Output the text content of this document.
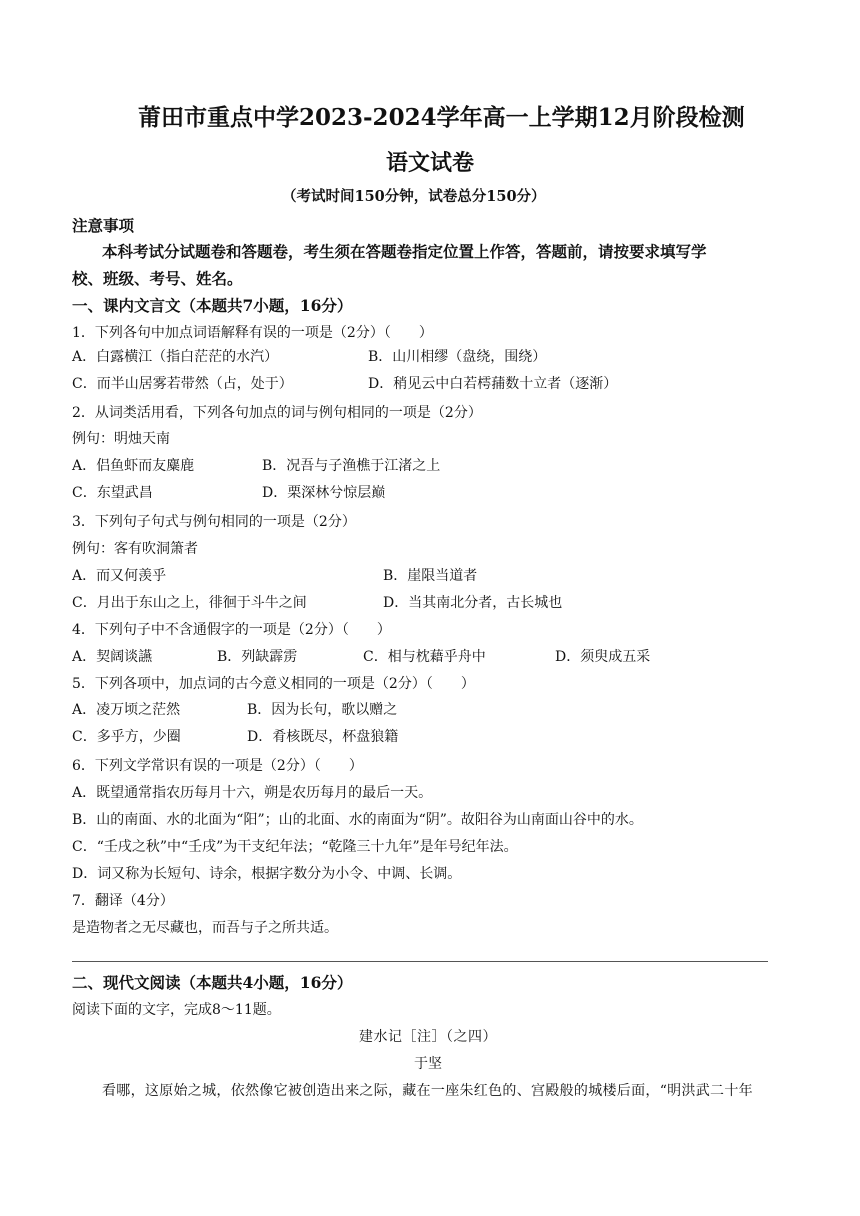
莆田市重点中学2023-2024学年高一上学期12月阶段检测
语文试卷
（考试时间150分钟，试卷总分150分）
注意事项
本科考试分试题卷和答题卷，考生须在答题卷指定位置上作答，答题前，请按要求填写学
校、班级、考号、姓名。
一、课内文言文（本题共7小题，16分）
1．下列各句中加点词语解释有误的一项是（2分）（　　）
A．白露横江（指白茫茫的水汽）	B．山川相缪（盘绕，围绕）
C．而半山居雾若带然（占，处于）	D．稍见云中白若樗蒱数十立者（逐渐）
2．从词类活用看，下列各句加点的词与例句相同的一项是（2分）
例句：明烛天南
A．侣鱼虾而友麋鹿	B．况吾与子渔樵于江渚之上
C．东望武昌	D．栗深林兮惊层巅
3．下列句子句式与例句相同的一项是（2分）
例句：客有吹洞箫者
A．而又何羡乎	B．崖限当道者
C．月出于东山之上，徘徊于斗牛之间	D．当其南北分者，古长城也
4．下列句子中不含通假字的一项是（2分）（　　）
A．契阔谈讌	B．列缺霹雳	C．相与枕藉乎舟中	D．须臾成五采
5．下列各项中，加点词的古今意义相同的一项是（2分）（　　）
A．凌万顷之茫然	B．因为长句，歌以赠之
C．多乎方，少圈	D．肴核既尽，杯盘狼籍
6．下列文学常识有误的一项是（2分）（　　）
A．既望通常指农历每月十六，朔是农历每月的最后一天。
B．山的南面、水的北面为“阳”；山的北面、水的南面为“阴”。故阳谷为山南面山谷中的水。
C．“壬戌之秋”中“壬戌”为干支纪年法；“乾隆三十九年”是年号纪年法。
D．词又称为长短句、诗余，根据字数分为小令、中调、长调。
7．翻译（4分）
是造物者之无尽藏也，而吾与子之所共适。
二、现代文阅读（本题共4小题，16分）
阅读下面的文字，完成8～11题。
建水记［注］（之四）
于坚
看哪，这原始之城，依然像它被创造出来之际，藏在一座朱红色的、宫殿般的城楼后面，“明洪武二十年
